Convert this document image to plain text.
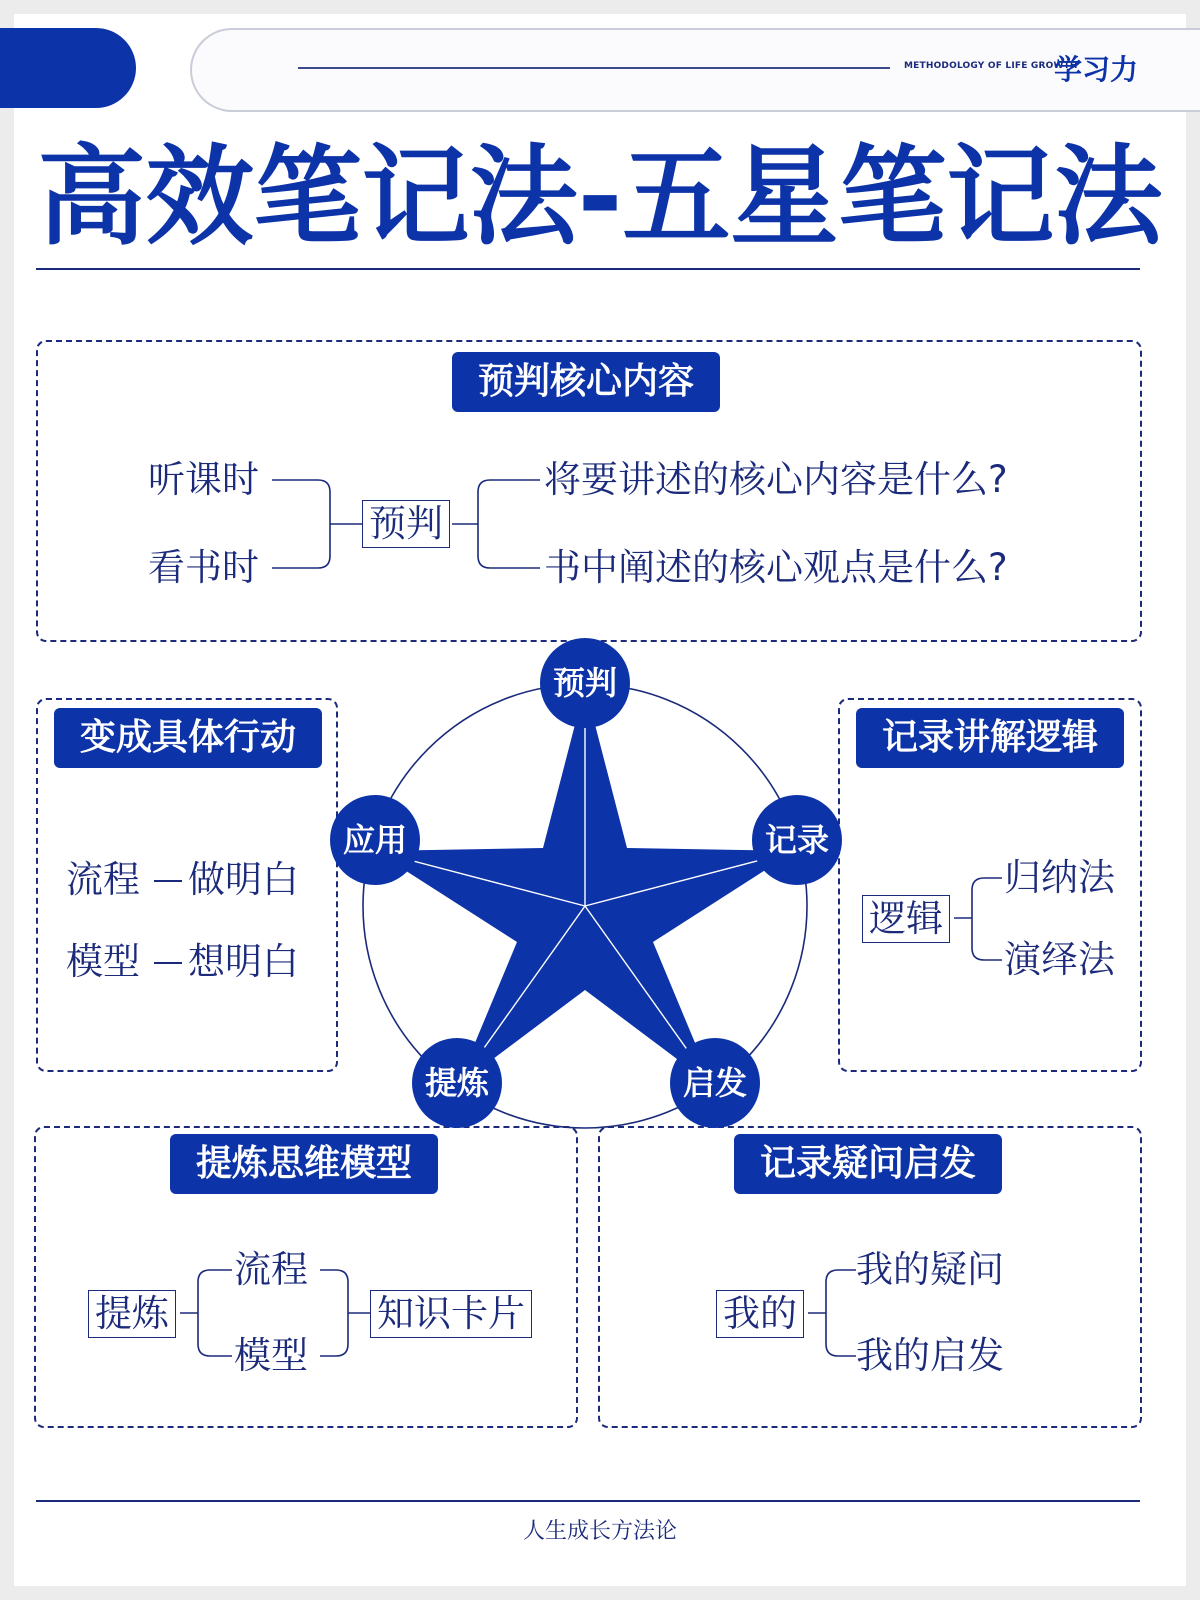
METHODOLOGY OF LIFE GROWTH
学习力
高效笔记法-五星笔记法
预判核心内容
听课时
看书时
预判
将要讲述的核心内容是什么?
书中阐述的核心观点是什么?
变成具体行动
流程 做明白
模型 想明白
记录讲解逻辑
逻辑
归纳法
演绎法
提炼思维模型
提炼
流程
模型
知识卡片
记录疑问启发
我的
我的疑问
我的启发
预判
记录
启发
提炼
应用
人生成长方法论
